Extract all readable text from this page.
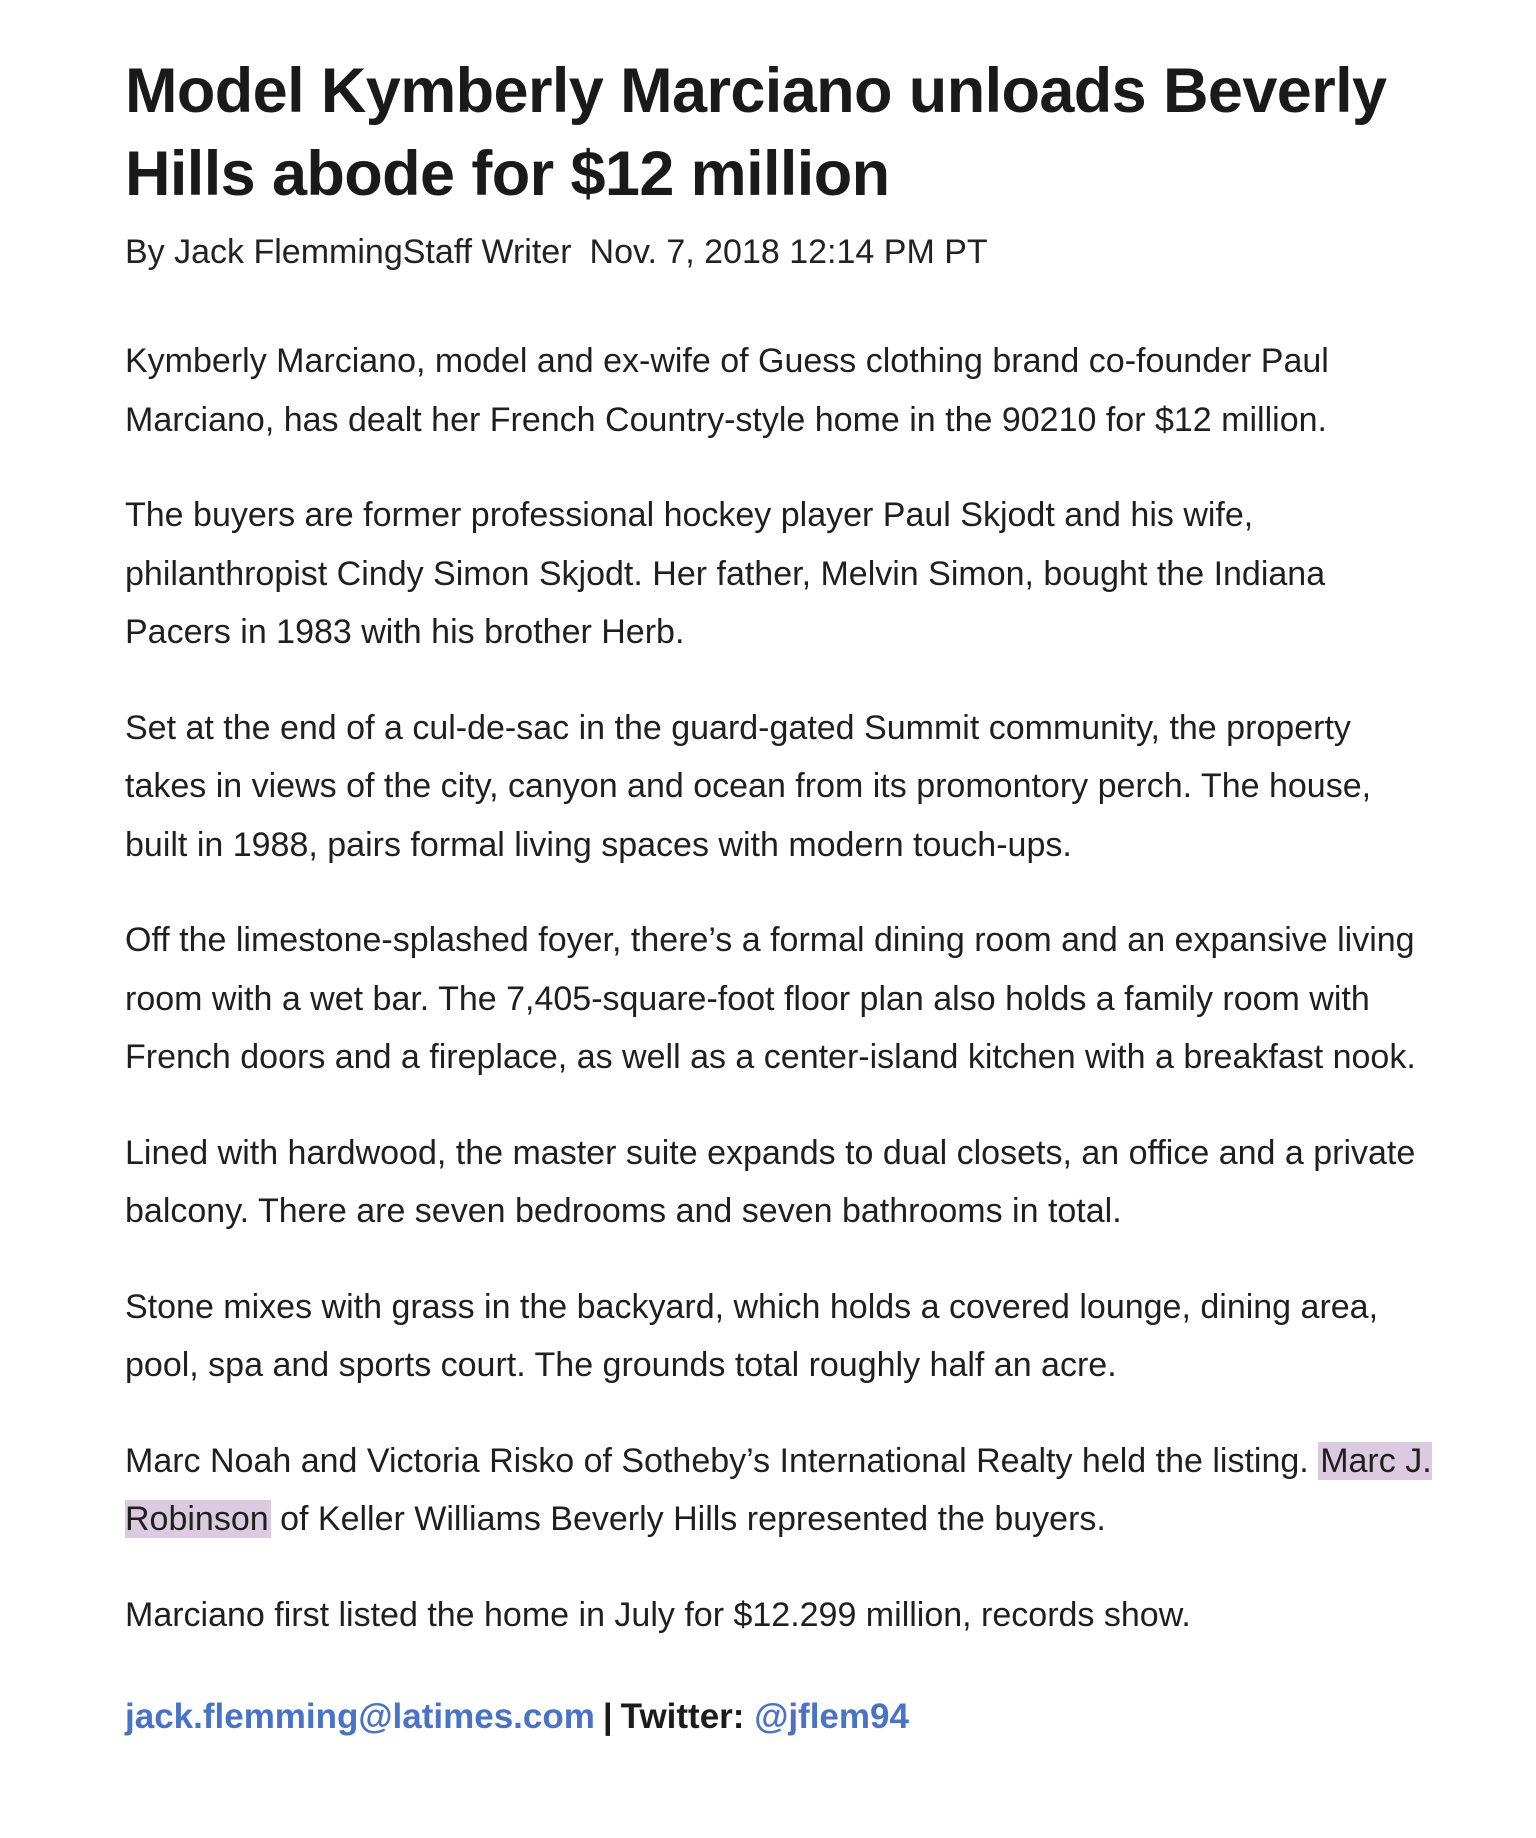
Model Kymberly Marciano unloads Beverly Hills abode for $12 million
By Jack FlemmingStaff Writer Nov. 7, 2018 12:14 PM PT

Kymberly Marciano, model and ex-wife of Guess clothing brand co-founder Paul Marciano, has dealt her French Country-style home in the 90210 for $12 million.

The buyers are former professional hockey player Paul Skjodt and his wife, philanthropist Cindy Simon Skjodt. Her father, Melvin Simon, bought the Indiana Pacers in 1983 with his brother Herb.

Set at the end of a cul-de-sac in the guard-gated Summit community, the property takes in views of the city, canyon and ocean from its promontory perch. The house, built in 1988, pairs formal living spaces with modern touch-ups.

Off the limestone-splashed foyer, there’s a formal dining room and an expansive living room with a wet bar. The 7,405-square-foot floor plan also holds a family room with French doors and a fireplace, as well as a center-island kitchen with a breakfast nook.

Lined with hardwood, the master suite expands to dual closets, an office and a private balcony. There are seven bedrooms and seven bathrooms in total.

Stone mixes with grass in the backyard, which holds a covered lounge, dining area, pool, spa and sports court. The grounds total roughly half an acre.

Marc Noah and Victoria Risko of Sotheby’s International Realty held the listing. Marc J. Robinson of Keller Williams Beverly Hills represented the buyers.

Marciano first listed the home in July for $12.299 million, records show.

jack.flemming@latimes.com | Twitter: @jflem94
